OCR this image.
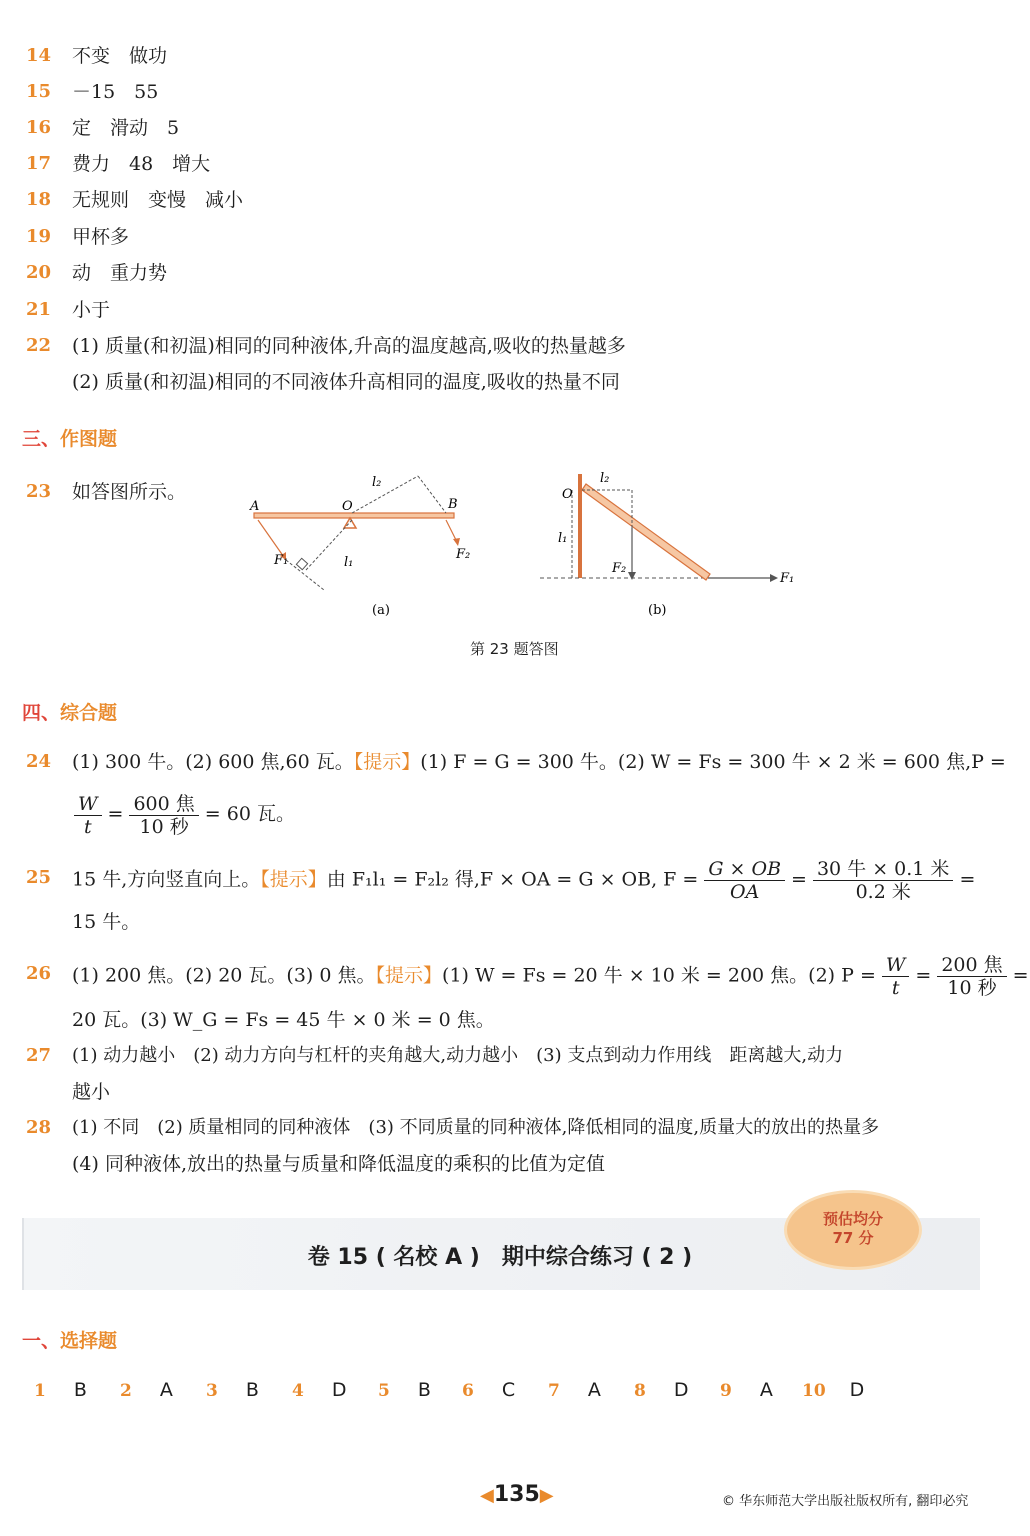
14	不变　做功
15	－15　55
16	定　滑动　5
17	费力　48　增大
18	无规则　变慢　减小
19	甲杯多
20	动　重力势
21	小于
22	(1) 质量(和初温)相同的同种液体,升高的温度越高,吸收的热量越多
(2) 质量(和初温)相同的不同液体升高相同的温度,吸收的热量不同
三、作图题
23	如答图所示。
A	O	B
F₁	F₂
l₁
l₂
(a)
O
l₂
l₁
F₂
F₁
(b)
第 23 题答图
四、综合题
24	(1) 300 牛。(2) 600 焦,60 瓦。【提示】(1) F = G = 300 牛。(2) W = Fs = 300 牛 × 2 米 = 600 焦,P =
$\frac{W}{t} = \frac{\text{600 焦}}{\text{10 秒}} = 60$ 瓦。
25	15 牛,方向竖直向上。【提示】由 F₁l₁ = F₂l₂ 得,F × OA = G × OB, $F = \frac{G \times OB}{OA} = \frac{\text{30 牛 × 0.1 米}}{\text{0.2 米}}$ =
15 牛。
26	(1) 200 焦。(2) 20 瓦。(3) 0 焦。【提示】(1) W = Fs = 20 牛 × 10 米 = 200 焦。(2) $P = \frac{W}{t} = \frac{\text{200 焦}}{\text{10 秒}}$ =
20 瓦。(3) W_G = Fs = 45 牛 × 0 米 = 0 焦。
27	(1) 动力越小　(2) 动力方向与杠杆的夹角越大,动力越小　(3) 支点到动力作用线　距离越大,动力
越小
28	(1) 不同　(2) 质量相同的同种液体　(3) 不同质量的同种液体,降低相同的温度,质量大的放出的热量多
(4) 同种液体,放出的热量与质量和降低温度的乘积的比值为定值
卷 15 ( 名校 A )　期中综合练习 ( 2 )
预估均分
77 分
一、选择题
1 B 2 A 3 B 4 D 5 B 6 C 7 A 8 D 9 A 10 D
◀135▶	© 华东师范大学出版社版权所有, 翻印必究
